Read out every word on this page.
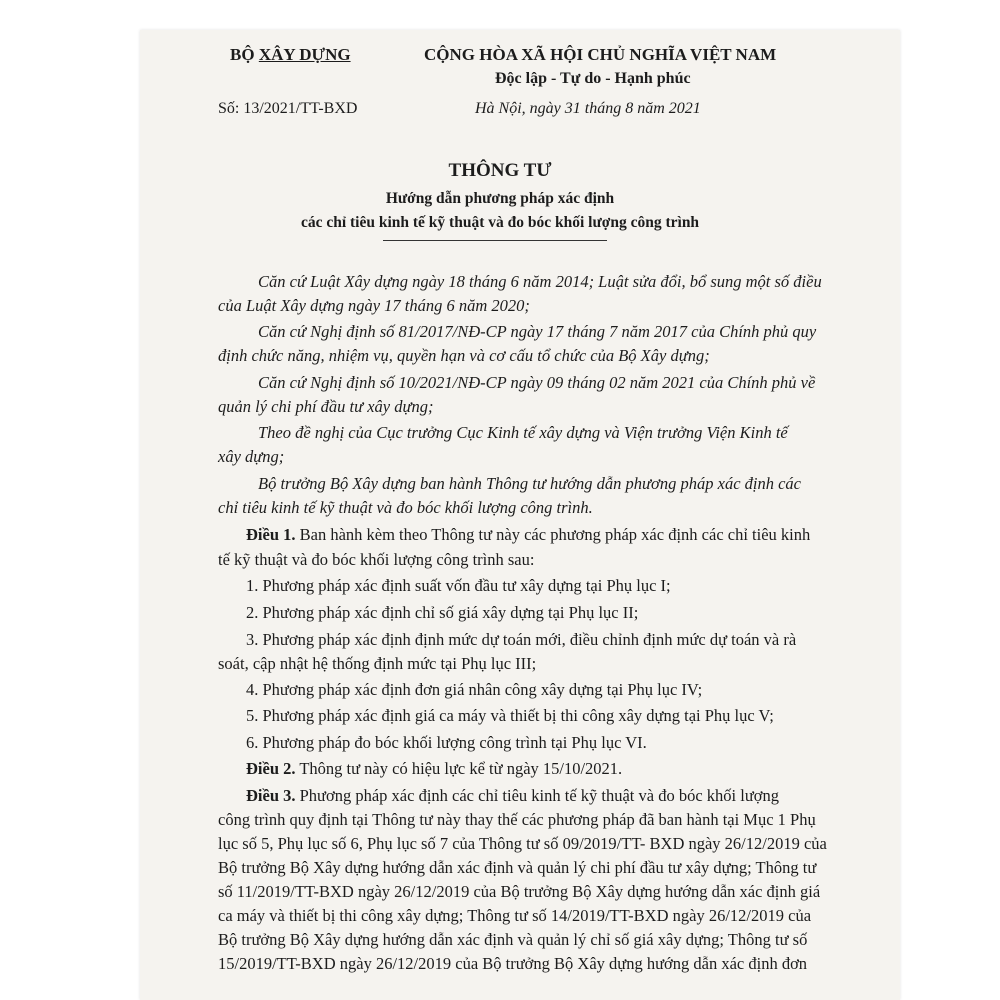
BỘ XÂY DỰNG	CỘNG HÒA XÃ HỘI CHỦ NGHĨA VIỆT NAM
Độc lập - Tự do - Hạnh phúc
Số: 13/2021/TT-BXD	Hà Nội, ngày 31 tháng 8 năm 2021
THÔNG TƯ
Hướng dẫn phương pháp xác định
các chỉ tiêu kinh tế kỹ thuật và đo bóc khối lượng công trình
Căn cứ Luật Xây dựng ngày 18 tháng 6 năm 2014; Luật sửa đổi, bổ sung một số điều
của Luật Xây dựng ngày 17 tháng 6 năm 2020;
Căn cứ Nghị định số 81/2017/NĐ-CP ngày 17 tháng 7 năm 2017 của Chính phủ quy
định chức năng, nhiệm vụ, quyền hạn và cơ cấu tổ chức của Bộ Xây dựng;
Căn cứ Nghị định số 10/2021/NĐ-CP ngày 09 tháng 02 năm 2021 của Chính phủ về
quản lý chi phí đầu tư xây dựng;
Theo đề nghị của Cục trưởng Cục Kinh tế xây dựng và Viện trưởng Viện Kinh tế
xây dựng;
Bộ trưởng Bộ Xây dựng ban hành Thông tư hướng dẫn phương pháp xác định các
chỉ tiêu kinh tế kỹ thuật và đo bóc khối lượng công trình.
Điều 1. Ban hành kèm theo Thông tư này các phương pháp xác định các chỉ tiêu kinh
tế kỹ thuật và đo bóc khối lượng công trình sau:
1. Phương pháp xác định suất vốn đầu tư xây dựng tại Phụ lục I;
2. Phương pháp xác định chỉ số giá xây dựng tại Phụ lục II;
3. Phương pháp xác định định mức dự toán mới, điều chỉnh định mức dự toán và rà
soát, cập nhật hệ thống định mức tại Phụ lục III;
4. Phương pháp xác định đơn giá nhân công xây dựng tại Phụ lục IV;
5. Phương pháp xác định giá ca máy và thiết bị thi công xây dựng tại Phụ lục V;
6. Phương pháp đo bóc khối lượng công trình tại Phụ lục VI.
Điều 2. Thông tư này có hiệu lực kể từ ngày 15/10/2021.
Điều 3. Phương pháp xác định các chỉ tiêu kinh tế kỹ thuật và đo bóc khối lượng
công trình quy định tại Thông tư này thay thế các phương pháp đã ban hành tại Mục 1 Phụ
lục số 5, Phụ lục số 6, Phụ lục số 7 của Thông tư số 09/2019/TT- BXD ngày 26/12/2019 của
Bộ trưởng Bộ Xây dựng hướng dẫn xác định và quản lý chi phí đầu tư xây dựng; Thông tư
số 11/2019/TT-BXD ngày 26/12/2019 của Bộ trưởng Bộ Xây dựng hướng dẫn xác định giá
ca máy và thiết bị thi công xây dựng; Thông tư số 14/2019/TT-BXD ngày 26/12/2019 của
Bộ trưởng Bộ Xây dựng hướng dẫn xác định và quản lý chỉ số giá xây dựng; Thông tư số
15/2019/TT-BXD ngày 26/12/2019 của Bộ trưởng Bộ Xây dựng hướng dẫn xác định đơn
